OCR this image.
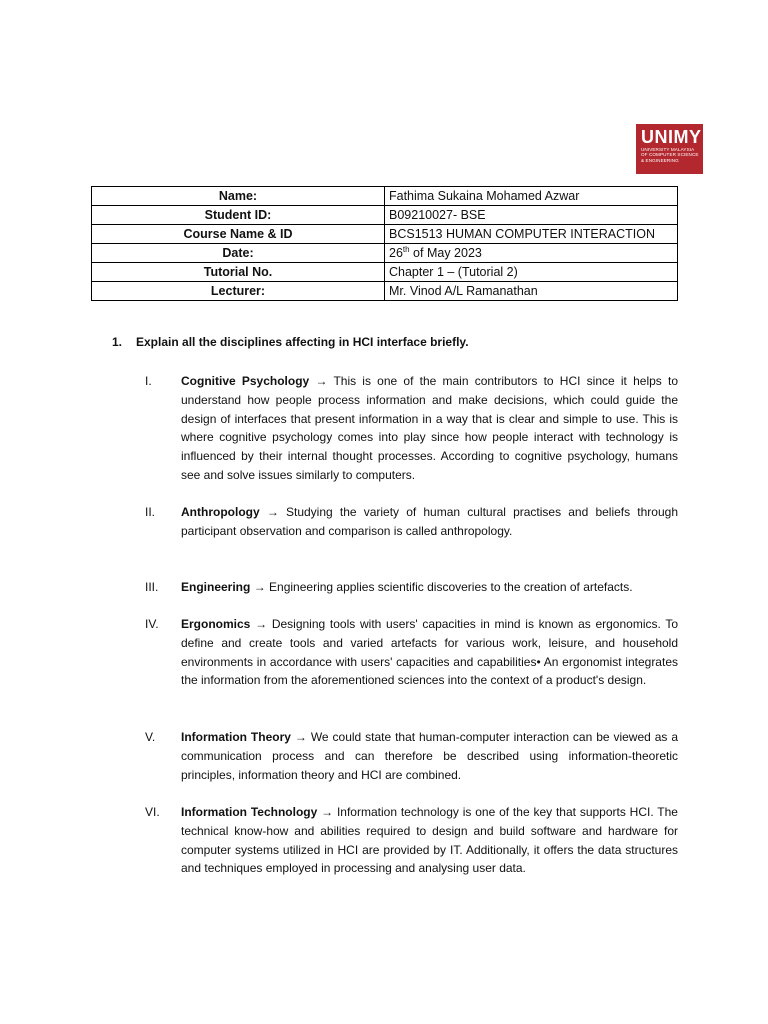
UNIMY
UNIVERSITY MALAYSIA
OF COMPUTER SCIENCE
& ENGINEERING
Name:	Fathima Sukaina Mohamed Azwar
Student ID:	B09210027- BSE
Course Name & ID	BCS1513 HUMAN COMPUTER INTERACTION
Date:	26th of May 2023
Tutorial No.	Chapter 1 – (Tutorial 2)
Lecturer:	Mr. Vinod A/L Ramanathan
1. Explain all the disciplines affecting in HCI interface briefly.
I. Cognitive Psychology → This is one of the main contributors to HCI since it helps to understand how people process information and make decisions, which could guide the design of interfaces that present information in a way that is clear and simple to use. This is where cognitive psychology comes into play since how people interact with technology is influenced by their internal thought processes. According to cognitive psychology, humans see and solve issues similarly to computers.
II. Anthropology → Studying the variety of human cultural practises and beliefs through participant observation and comparison is called anthropology.
III. Engineering → Engineering applies scientific discoveries to the creation of artefacts.
IV. Ergonomics → Designing tools with users' capacities in mind is known as ergonomics. To define and create tools and varied artefacts for various work, leisure, and household environments in accordance with users' capacities and capabilities• An ergonomist integrates the information from the aforementioned sciences into the context of a product's design.
V. Information Theory → We could state that human-computer interaction can be viewed as a communication process and can therefore be described using information-theoretic principles, information theory and HCI are combined.
VI. Information Technology → Information technology is one of the key that supports HCI. The technical know-how and abilities required to design and build software and hardware for computer systems utilized in HCI are provided by IT. Additionally, it offers the data structures and techniques employed in processing and analysing user data.
